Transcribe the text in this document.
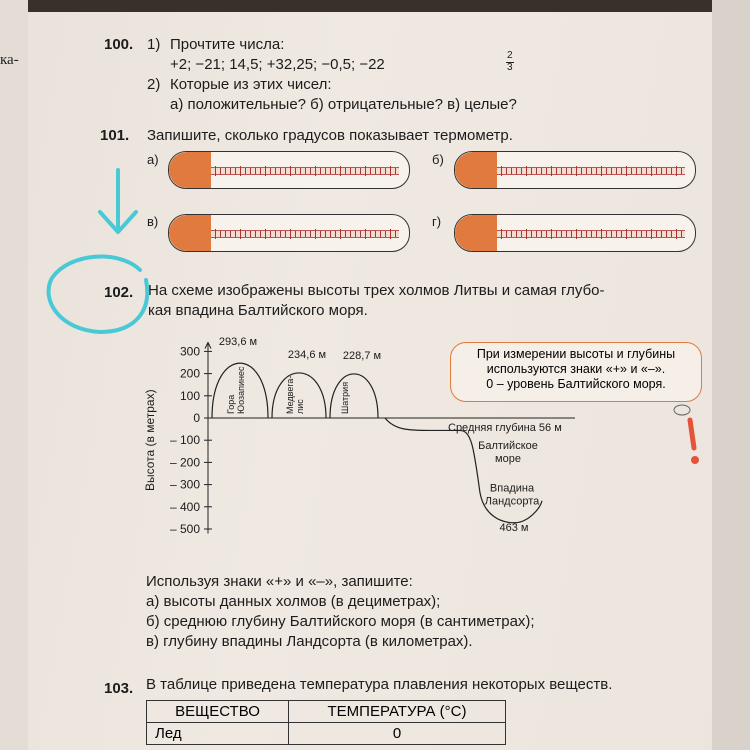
ка-
100. 1) Прочтите числа:
+2; −21; 14,5; +32,25; −0,5; −22
2
3
2) Которые из этих чисел:
а) положительные? б) отрицательные? в) целые?
101. Запишите, сколько градусов показывает термометр.
а)	б)
в)	г)
102. На схеме изображены высоты трех холмов Литвы и самая глубо-
кая впадина Балтийского моря.
При измерении высоты и глубины
используются знаки «+» и «–».
0 – уровень Балтийского моря.
300
200
100
0
– 100
– 200
– 300
– 400
– 500
Высота (в метрах)
293,6 м
Гора Юозапинес
234,6 м
Медвега- лис
228,7 м
Шатрия
Средняя глубина 56 м
Балтийское
море
Впадина
Ландсорта
463 м
Используя знаки «+» и «–», запишите:
а) высоты данных холмов (в дециметрах);
б) среднюю глубину Балтийского моря (в сантиметрах);
в) глубину впадины Ландсорта (в километрах).
103. В таблице приведена температура плавления некоторых веществ.
ВЕЩЕСТВО	ТЕМПЕРАТУРА (°С)
Лед	0
